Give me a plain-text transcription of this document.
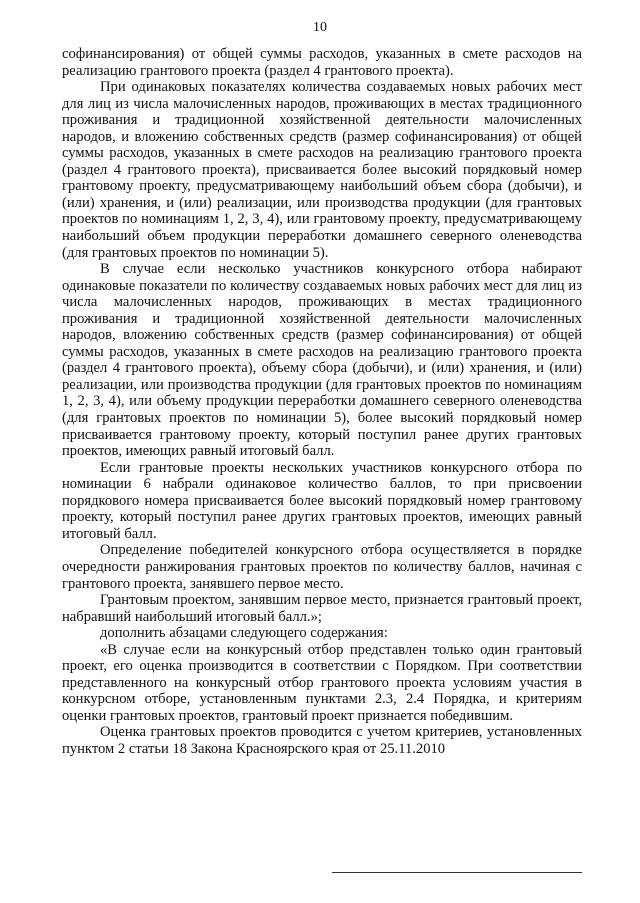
10

софинансирования) от общей суммы расходов, указанных в смете расходов на реализацию грантового проекта (раздел 4 грантового проекта).

При одинаковых показателях количества создаваемых новых рабочих мест для лиц из числа малочисленных народов, проживающих в местах традиционного проживания и традиционной хозяйственной деятельности малочисленных народов, и вложению собственных средств (размер софинансирования) от общей суммы расходов, указанных в смете расходов на реализацию грантового проекта (раздел 4 грантового проекта), присваивается более высокий порядковый номер грантовому проекту, предусматривающему наибольший объем сбора (добычи), и (или) хранения, и (или) реализации, или производства продукции (для грантовых проектов по номинациям 1, 2, 3, 4), или грантовому проекту, предусматривающему наибольший объем продукции переработки домашнего северного оленеводства (для грантовых проектов по номинации 5).

В случае если несколько участников конкурсного отбора набирают одинаковые показатели по количеству создаваемых новых рабочих мест для лиц из числа малочисленных народов, проживающих в местах традиционного проживания и традиционной хозяйственной деятельности малочисленных народов, вложению собственных средств (размер софинансирования) от общей суммы расходов, указанных в смете расходов на реализацию грантового проекта (раздел 4 грантового проекта), объему сбора (добычи), и (или) хранения, и (или) реализации, или производства продукции (для грантовых проектов по номинациям 1, 2, 3, 4), или объему продукции переработки домашнего северного оленеводства (для грантовых проектов по номинации 5), более высокий порядковый номер присваивается грантовому проекту, который поступил ранее других грантовых проектов, имеющих равный итоговый балл.

Если грантовые проекты нескольких участников конкурсного отбора по номинации 6 набрали одинаковое количество баллов, то при присвоении порядкового номера присваивается более высокий порядковый номер грантовому проекту, который поступил ранее других грантовых проектов, имеющих равный итоговый балл.

Определение победителей конкурсного отбора осуществляется в порядке очередности ранжирования грантовых проектов по количеству баллов, начиная с грантового проекта, занявшего первое место.

Грантовым проектом, занявшим первое место, признается грантовый проект, набравший наибольший итоговый балл.»;

дополнить абзацами следующего содержания:

«В случае если на конкурсный отбор представлен только один грантовый проект, его оценка производится в соответствии с Порядком. При соответствии представленного на конкурсный отбор грантового проекта условиям участия в конкурсном отборе, установленным пунктами 2.3, 2.4 Порядка, и критериям оценки грантовых проектов, грантовый проект признается победившим.

Оценка грантовых проектов проводится с учетом критериев, установленных пунктом 2 статьи 18 Закона Красноярского края от 25.11.2010
